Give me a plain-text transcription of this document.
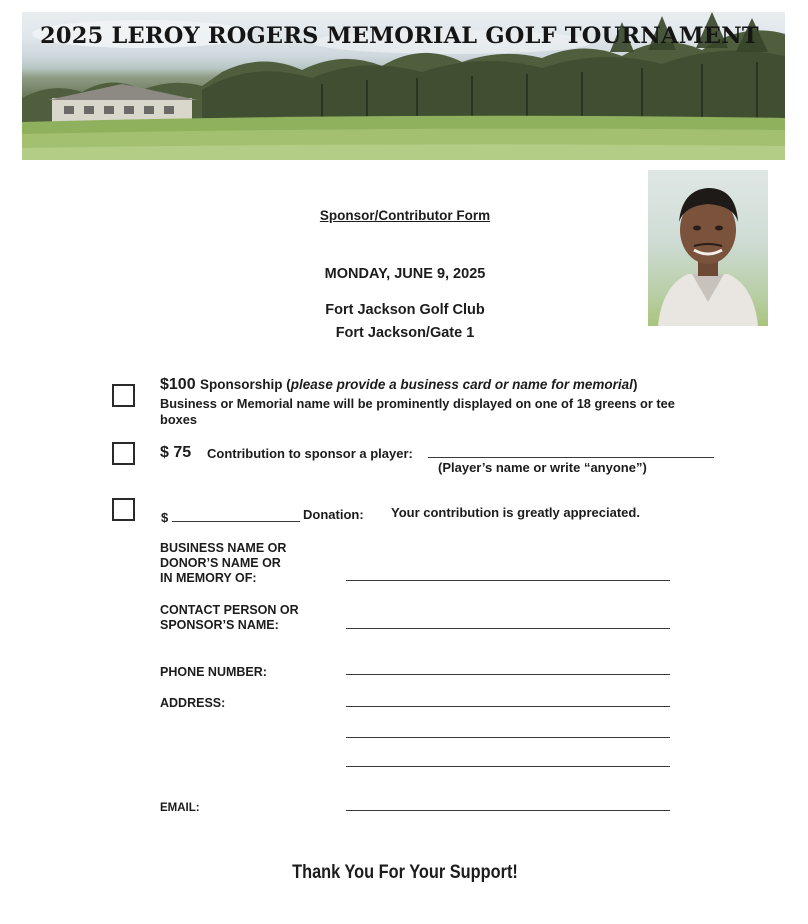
2025 LEROY ROGERS MEMORIAL GOLF TOURNAMENT
Sponsor/Contributor Form
MONDAY, JUNE 9, 2025
Fort Jackson Golf Club
Fort Jackson/Gate 1
$100 Sponsorship (please provide a business card or name for memorial)
Business or Memorial name will be prominently displayed on one of 18 greens or tee
boxes
$ 75 Contribution to sponsor a player:
(Player’s name or write “anyone”)
$	Donation: Your contribution is greatly appreciated.
BUSINESS NAME OR
DONOR’S NAME OR
IN MEMORY OF:
CONTACT PERSON OR
SPONSOR’S NAME:
PHONE NUMBER:
ADDRESS:
EMAIL:
Thank You For Your Support!
